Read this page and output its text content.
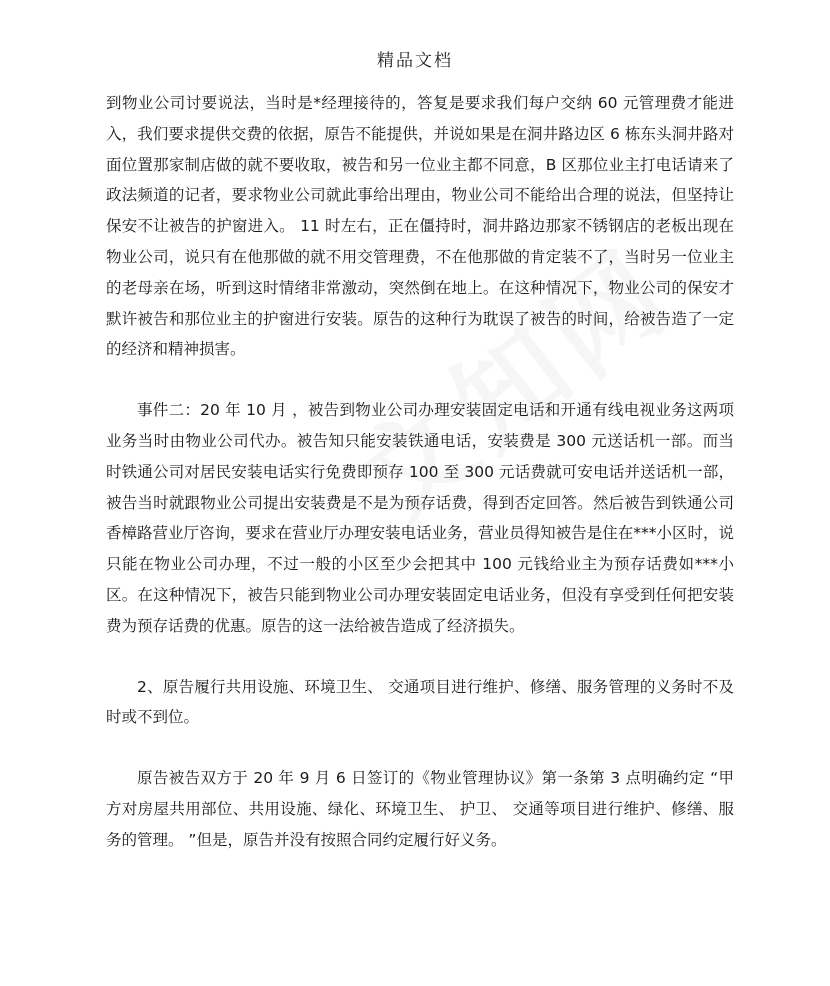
精品文档

到物业公司讨要说法，当时是*经理接待的，答复是要求我们每户交纳 60 元管理费才能进入，我们要求提供交费的依据，原告不能提供，并说如果是在洞井路边区 6 栋东头洞井路对面位置那家制店做的就不要收取，被告和另一位业主都不同意，B 区那位业主打电话请来了政法频道的记者，要求物业公司就此事给出理由，物业公司不能给出合理的说法，但坚持让保安不让被告的护窗进入。 11 时左右，正在僵持时，洞井路边那家不锈钢店的老板出现在物业公司，说只有在他那做的就不用交管理费，不在他那做的肯定装不了，当时另一位业主的老母亲在场，听到这时情绪非常激动，突然倒在地上。在这种情况下，物业公司的保安才默许被告和那位业主的护窗进行安装。原告的这种行为耽误了被告的时间，给被告造了一定的经济和精神损害。

事件二：20 年 10 月 ，被告到物业公司办理安装固定电话和开通有线电视业务这两项业务当时由物业公司代办。被告知只能安装铁通电话，安装费是 300 元送话机一部。而当时铁通公司对居民安装电话实行免费即预存 100 至 300 元话费就可安电话并送话机一部，被告当时就跟物业公司提出安装费是不是为预存话费，得到否定回答。然后被告到铁通公司香樟路营业厅咨询，要求在营业厅办理安装电话业务，营业员得知被告是住在***小区时，说只能在物业公司办理，不过一般的小区至少会把其中 100 元钱给业主为预存话费如***小区。在这种情况下，被告只能到物业公司办理安装固定电话业务，但没有享受到任何把安装费为预存话费的优惠。原告的这一法给被告造成了经济损失。

2、原告履行共用设施、环境卫生、 交通项目进行维护、修缮、服务管理的义务时不及时或不到位。

原告被告双方于 20 年 9 月 6 日签订的《物业管理协议》第一条第 3 点明确约定 “甲方对房屋共用部位、共用设施、绿化、环境卫生、 护卫、 交通等项目进行维护、修缮、服务的管理。 ”但是，原告并没有按照合同约定履行好义务。
